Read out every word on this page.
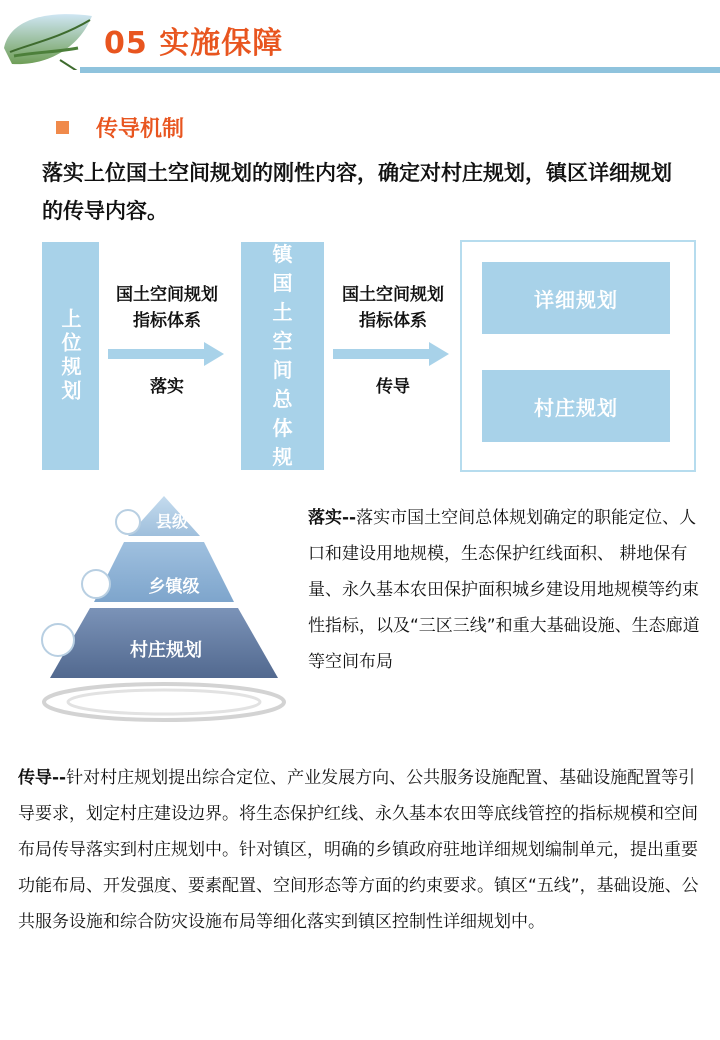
05 实施保障
传导机制
落实上位国土空间规划的刚性内容，确定对村庄规划，镇区详细规划的传导内容。
上位规划
国土空间规划指标体系
落实
乡镇国土空间总体规划
国土空间规划指标体系
传导
详细规划
村庄规划
县级
乡镇级
村庄规划
落实--落实市国土空间总体规划确定的职能定位、人口和建设用地规模，生态保护红线面积、 耕地保有量、永久基本农田保护面积城乡建设用地规模等约束性指标，以及“三区三线”和重大基础设施、生态廊道等空间布局
传导--针对村庄规划提出综合定位、产业发展方向、公共服务设施配置、基础设施配置等引导要求，划定村庄建设边界。将生态保护红线、永久基本农田等底线管控的指标规模和空间布局传导落实到村庄规划中。针对镇区，明确的乡镇政府驻地详细规划编制单元，提出重要功能布局、开发强度、要素配置、空间形态等方面的约束要求。镇区“五线”，基础设施、公共服务设施和综合防灾设施布局等细化落实到镇区控制性详细规划中。
